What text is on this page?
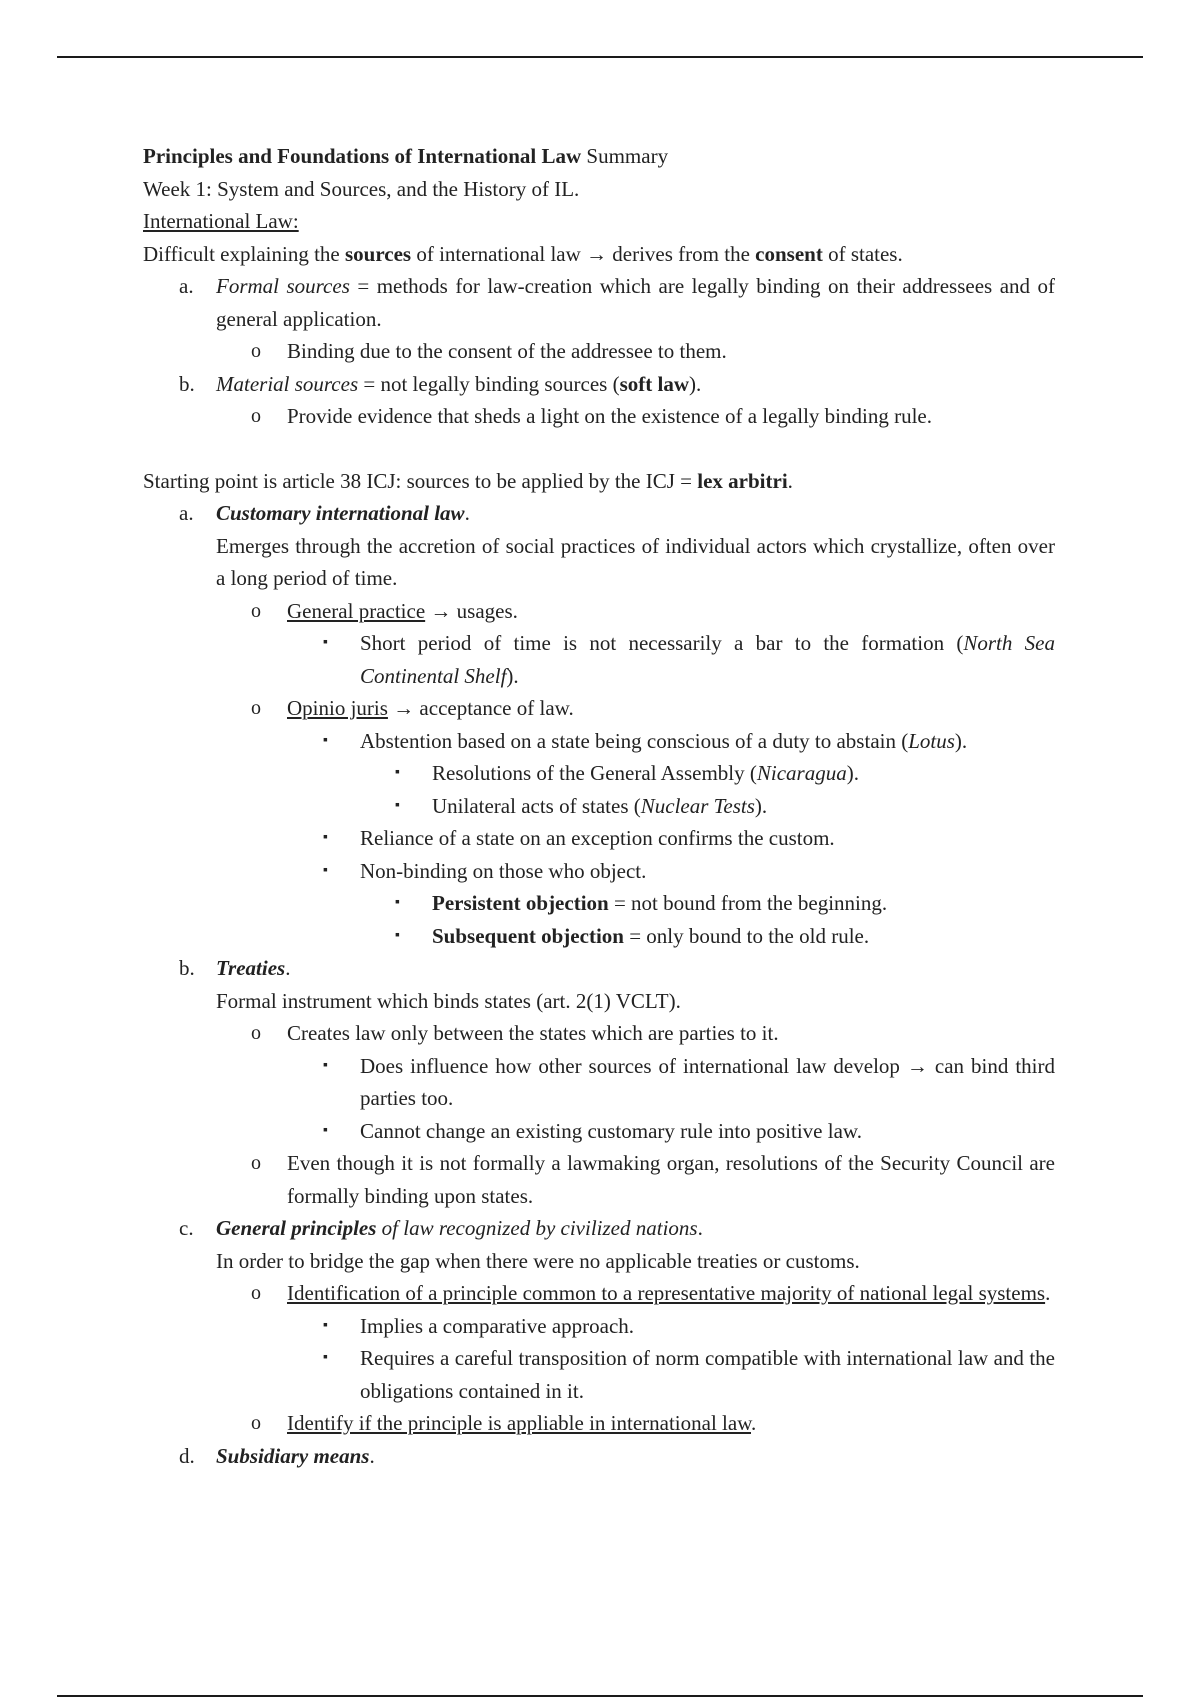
Principles and Foundations of International Law Summary

Week 1: System and Sources, and the History of IL.

International Law:

Difficult explaining the sources of international law → derives from the consent of states.

a. Formal sources = methods for law-creation which are legally binding on their addressees and of general application.

o Binding due to the consent of the addressee to them.

b. Material sources = not legally binding sources (soft law).

o Provide evidence that sheds a light on the existence of a legally binding rule.

Starting point is article 38 ICJ: sources to be applied by the ICJ = lex arbitri.

a. Customary international law.

Emerges through the accretion of social practices of individual actors which crystallize, often over a long period of time.

o General practice → usages.

▪ Short period of time is not necessarily a bar to the formation (North Sea Continental Shelf).

o Opinio juris → acceptance of law.

▪ Abstention based on a state being conscious of a duty to abstain (Lotus).

▪ Resolutions of the General Assembly (Nicaragua).

▪ Unilateral acts of states (Nuclear Tests).

▪ Reliance of a state on an exception confirms the custom.

▪ Non-binding on those who object.

▪ Persistent objection = not bound from the beginning.

▪ Subsequent objection = only bound to the old rule.

b. Treaties.

Formal instrument which binds states (art. 2(1) VCLT).

o Creates law only between the states which are parties to it.

▪ Does influence how other sources of international law develop → can bind third parties too.

▪ Cannot change an existing customary rule into positive law.

o Even though it is not formally a lawmaking organ, resolutions of the Security Council are formally binding upon states.

c. General principles of law recognized by civilized nations.

In order to bridge the gap when there were no applicable treaties or customs.

o Identification of a principle common to a representative majority of national legal systems.

▪ Implies a comparative approach.

▪ Requires a careful transposition of norm compatible with international law and the obligations contained in it.

o Identify if the principle is appliable in international law.

d. Subsidiary means.
